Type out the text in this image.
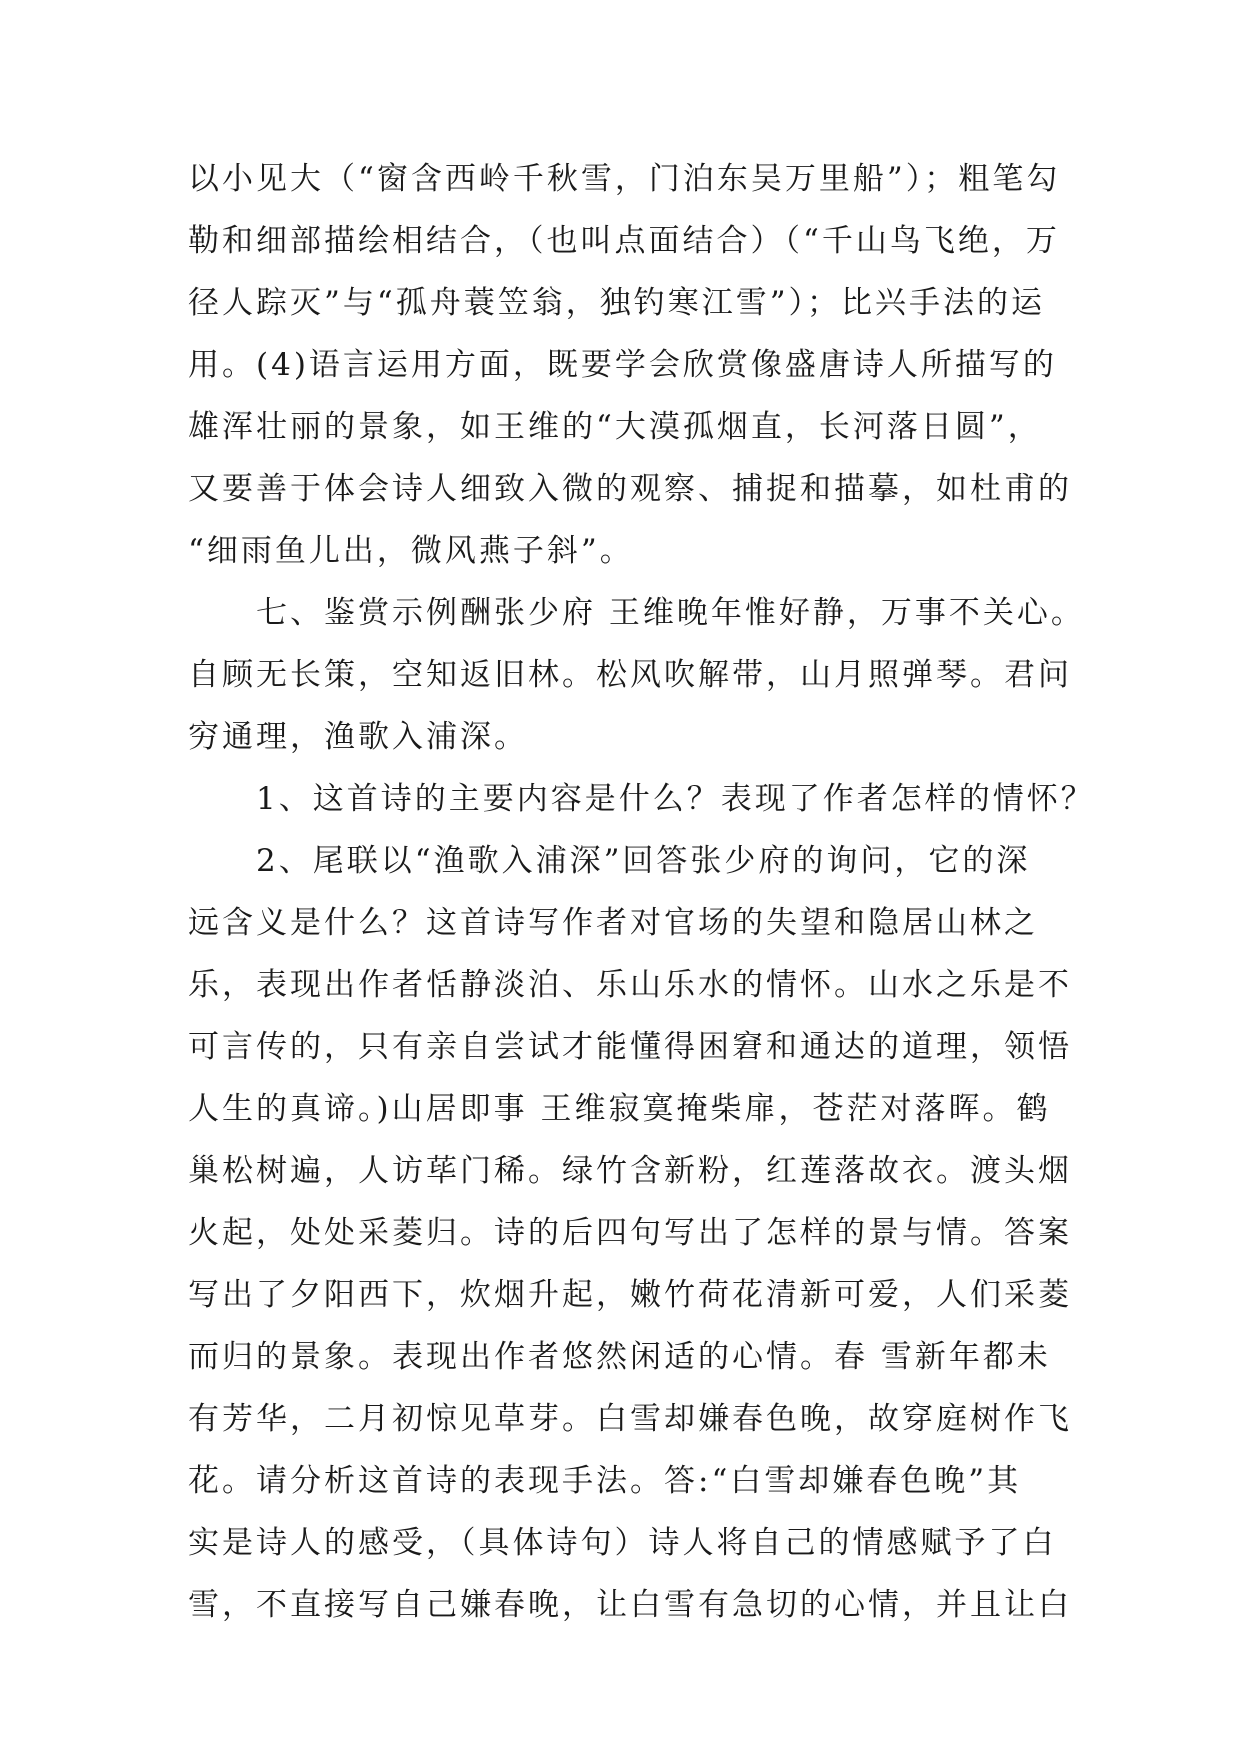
以小见大（“窗含西岭千秋雪，门泊东吴万里船”）；粗笔勾
勒和细部描绘相结合，（也叫点面结合）（“千山鸟飞绝，万
径人踪灭”与“孤舟蓑笠翁，独钓寒江雪”）；比兴手法的运
用。(4)语言运用方面，既要学会欣赏像盛唐诗人所描写的
雄浑壮丽的景象，如王维的“大漠孤烟直，长河落日圆”，
又要善于体会诗人细致入微的观察、捕捉和描摹，如杜甫的
“细雨鱼儿出，微风燕子斜”。
　　七、鉴赏示例酬张少府 王维晚年惟好静，万事不关心。
自顾无长策，空知返旧林。松风吹解带，山月照弹琴。君问
穷通理，渔歌入浦深。
　　1、这首诗的主要内容是什么？表现了作者怎样的情怀？
　　2、尾联以“渔歌入浦深”回答张少府的询问，它的深
远含义是什么？这首诗写作者对官场的失望和隐居山林之
乐，表现出作者恬静淡泊、乐山乐水的情怀。山水之乐是不
可言传的，只有亲自尝试才能懂得困窘和通达的道理，领悟
人生的真谛。)山居即事 王维寂寞掩柴扉，苍茫对落晖。鹤
巢松树遍，人访荜门稀。绿竹含新粉，红莲落故衣。渡头烟
火起，处处采菱归。诗的后四句写出了怎样的景与情。答案
写出了夕阳西下，炊烟升起，嫩竹荷花清新可爱，人们采菱
而归的景象。表现出作者悠然闲适的心情。春 雪新年都未
有芳华，二月初惊见草芽。白雪却嫌春色晚，故穿庭树作飞
花。请分析这首诗的表现手法。答:“白雪却嫌春色晚”其
实是诗人的感受，（具体诗句）诗人将自己的情感赋予了白
雪，不直接写自己嫌春晚，让白雪有急切的心情，并且让白
